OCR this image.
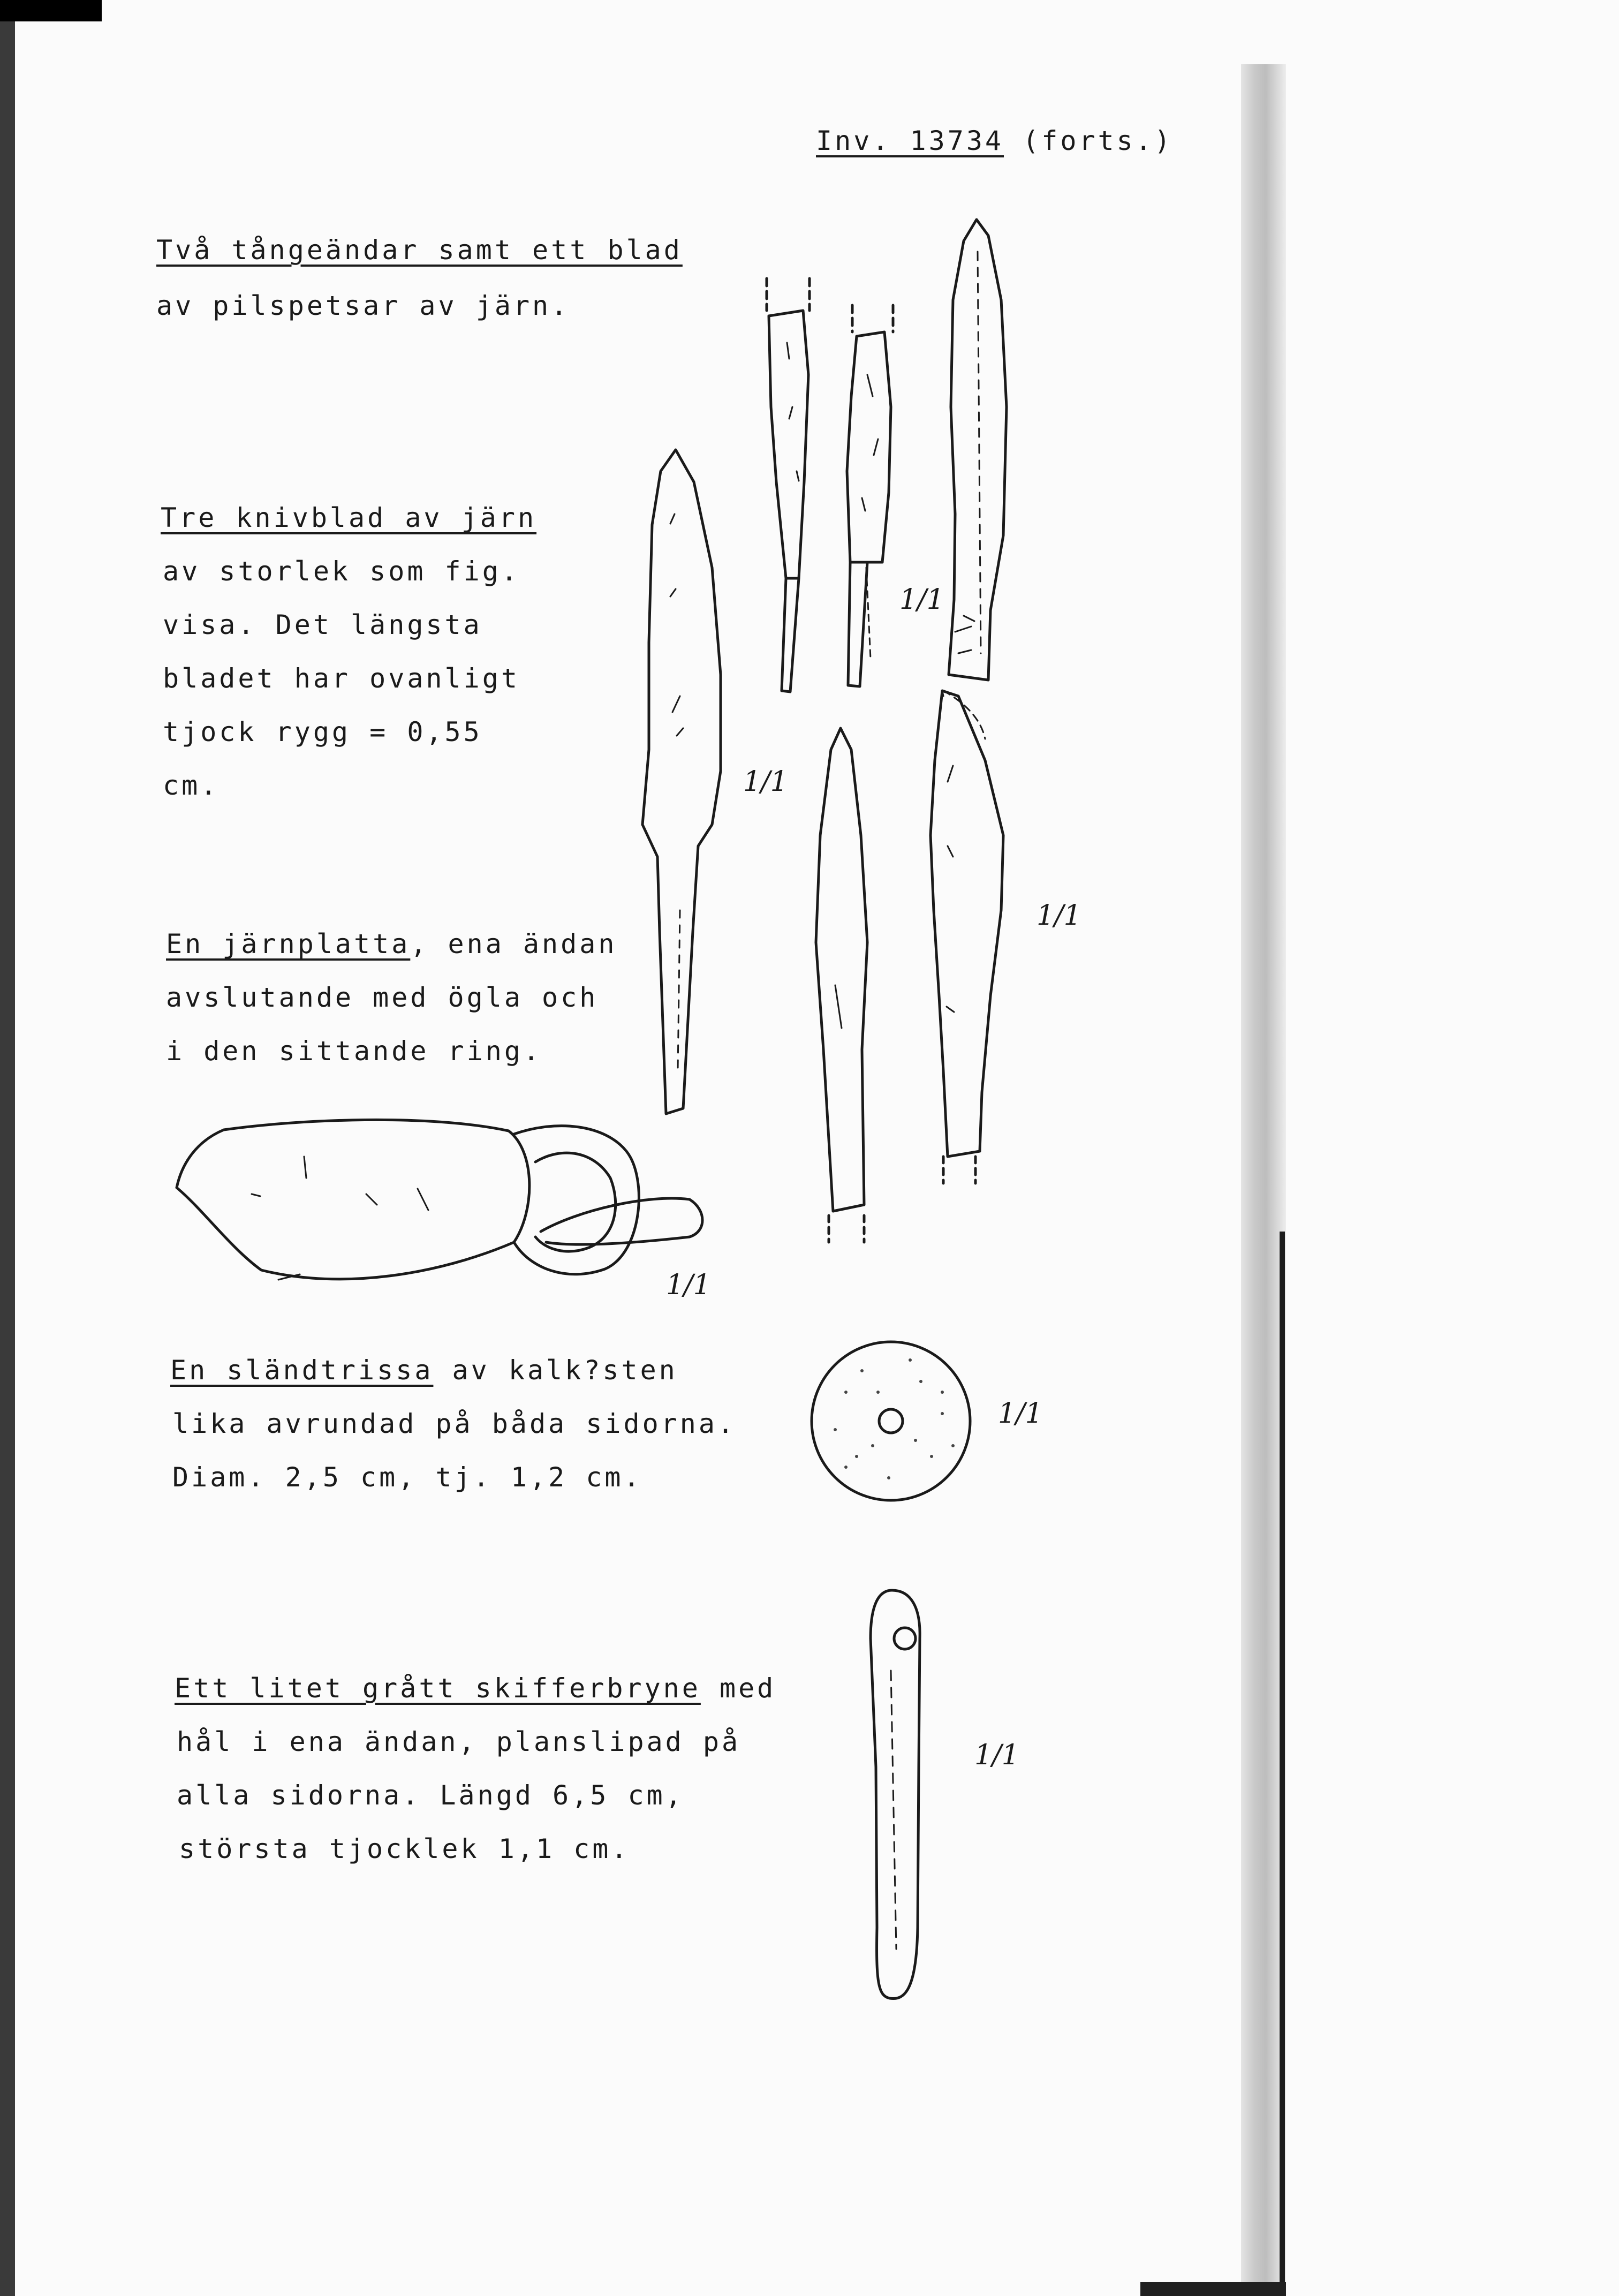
Inv. 13734 (forts.)
Två tångeändar samt ett blad
av pilspetsar av järn.
Tre knivblad av järn
av storlek som fig.
visa. Det längsta
bladet har ovanligt
tjock rygg = 0,55
cm.
En järnplatta, ena ändan
avslutande med ögla och
i den sittande ring.
En sländtrissa av kalk?sten
lika avrundad på båda sidorna.
Diam. 2,5 cm, tj. 1,2 cm.
Ett litet grått skifferbryne med
hål i ena ändan, planslipad på
alla sidorna. Längd 6,5 cm,
största tjocklek 1,1 cm.
1/1
1/1
1/1
1/1
1/1
1/1
